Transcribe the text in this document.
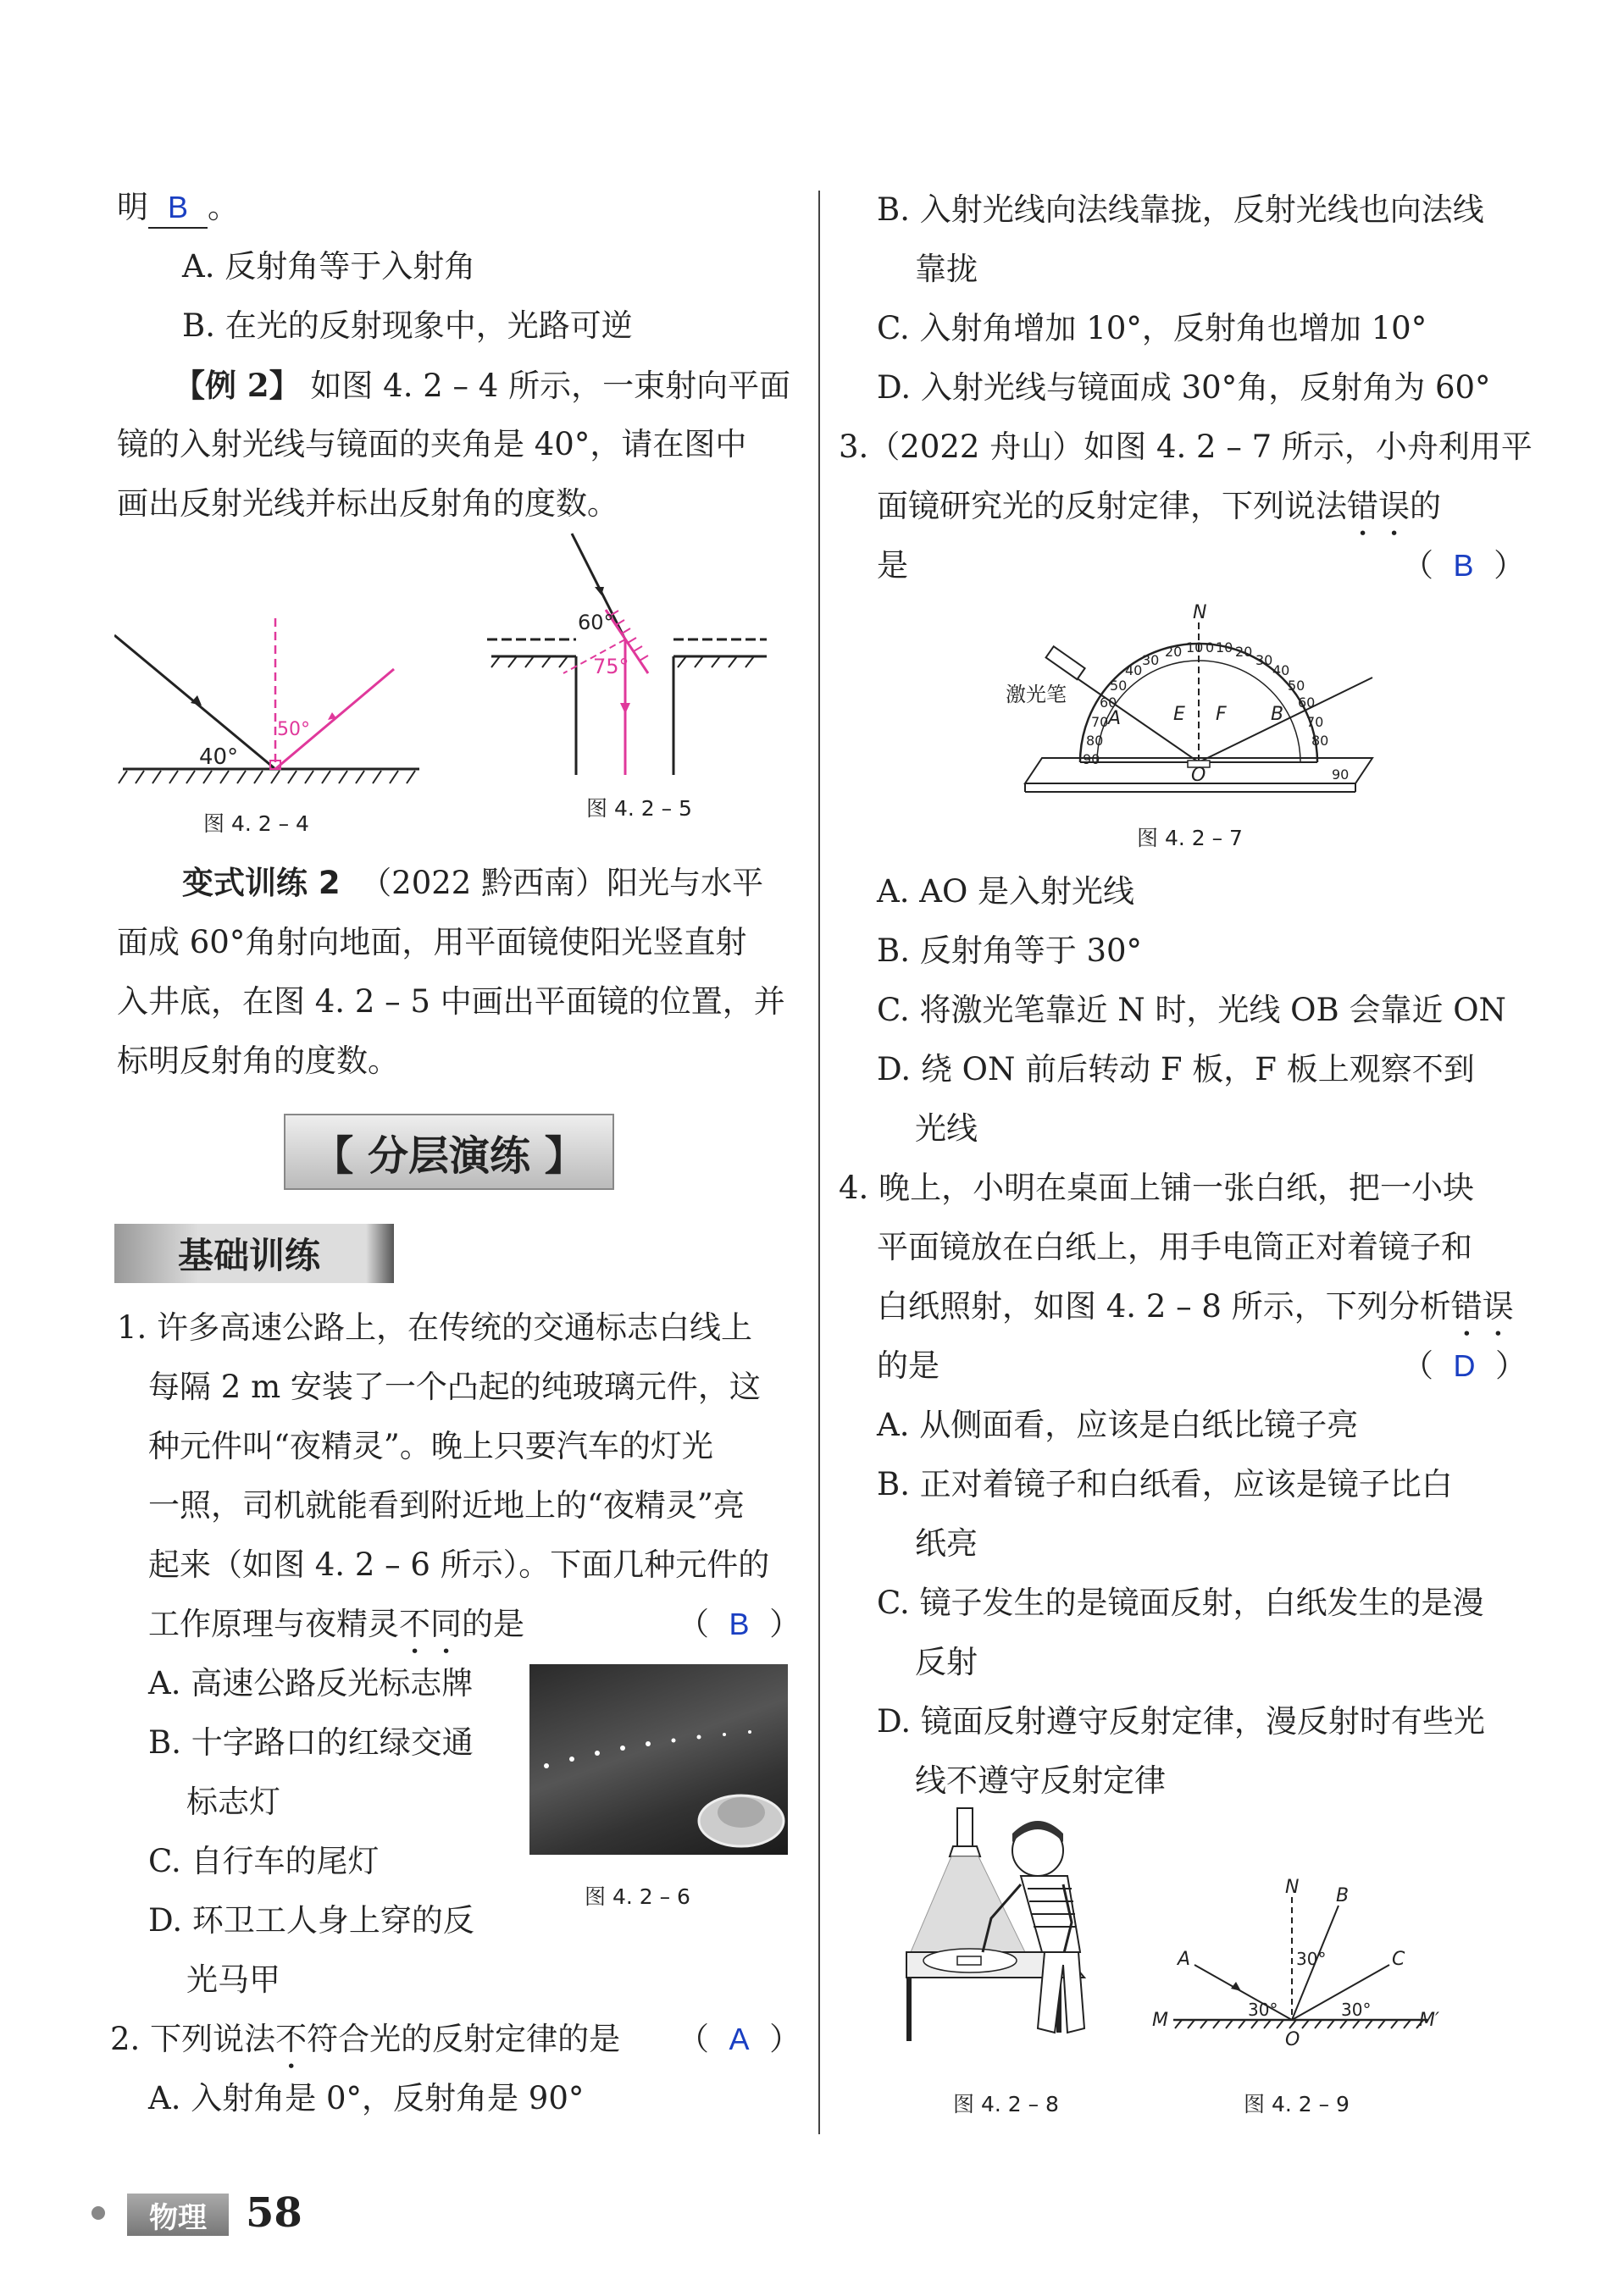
明 B 。
A. 反射角等于入射角
B. 在光的反射现象中，光路可逆
【例 2】 如图 4. 2 – 4 所示，一束射向平面
镜的入射光线与镜面的夹角是 40°，请在图中
画出反射光线并标出反射角的度数。
40°
50°
图 4. 2 – 4
60°
75°
图 4. 2 – 5
变式训练 2 （2022 黔西南）阳光与水平
面成 60°角射向地面，用平面镜使阳光竖直射
入井底，在图 4. 2 – 5 中画出平面镜的位置，并
标明反射角的度数。
【 分层演练 】
基础训练
1. 许多高速公路上，在传统的交通标志白线上
每隔 2 m 安装了一个凸起的纯玻璃元件，这
种元件叫“夜精灵”。晚上只要汽车的灯光
一照，司机就能看到附近地上的“夜精灵”亮
起来（如图 4. 2 – 6 所示）。下面几种元件的
工作原理与夜精灵不同的是	（  B  ）
A. 高速公路反光标志牌
B. 十字路口的红绿交通
标志灯
C. 自行车的尾灯
D. 环卫工人身上穿的反
光马甲
图 4. 2 – 6
2. 下列说法不符合光的反射定律的是 （  A  ）
A. 入射角是 0°，反射角是 90°
B. 入射光线向法线靠拢，反射光线也向法线
靠拢
C. 入射角增加 10°，反射角也增加 10°
D. 入射光线与镜面成 30°角，反射角为 60°
3.（2022 舟山）如图 4. 2 – 7 所示，小舟利用平
面镜研究光的反射定律，下列说法错误的
是	（  B  ）
10 0 10
20	20
30	30
40	40
50	50
60	60
70	70
80	80
90
90
N
E F
A	B
O
激光笔
图 4. 2 – 7
A. AO 是入射光线
B. 反射角等于 30°
C. 将激光笔靠近 N 时，光线 OB 会靠近 ON
D. 绕 ON 前后转动 F 板，F 板上观察不到
光线
4. 晚上，小明在桌面上铺一张白纸，把一小块
平面镜放在白纸上，用手电筒正对着镜子和
白纸照射，如图 4. 2 – 8 所示，下列分析错误
的是	（  D  ）
A. 从侧面看，应该是白纸比镜子亮
B. 正对着镜子和白纸看，应该是镜子比白
纸亮
C. 镜子发生的是镜面反射，白纸发生的是漫
反射
D. 镜面反射遵守反射定律，漫反射时有些光
线不遵守反射定律
图 4. 2 – 8
N B
A	C
M	M′
O
30°
30°	30°
图 4. 2 – 9
物理 58
